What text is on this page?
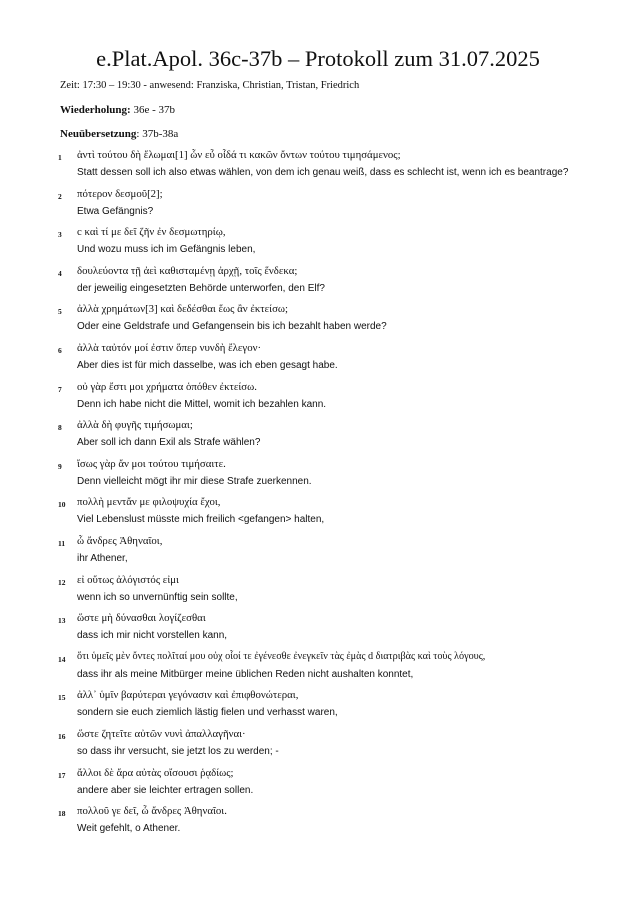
e.Plat.Apol. 36c-37b – Protokoll zum 31.07.2025
Zeit: 17:30 – 19:30 - anwesend: Franziska, Christian, Tristan, Friedrich
Wiederholung: 36e - 37b
Neuübersetzung: 37b-38a
1 ἀντὶ τούτου δὴ ἕλωμαι[1] ὧν εὖ οἶδά τι κακῶν ὄντων τούτου τιμησάμενος;
Statt dessen soll ich also etwas wählen, von dem ich genau weiß, dass es schlecht ist, wenn ich es beantrage?
2 πότερον δεσμοῦ[2];
Etwa Gefängnis?
3 c καὶ τί με δεῖ ζῆν ἐν δεσμωτηρίῳ,
Und wozu muss ich im Gefängnis leben,
4 δουλεύοντα τῇ ἀεὶ καθισταμένῃ ἀρχῇ, τοῖς ἕνδεκα;
der jeweilig eingesetzten Behörde unterworfen, den Elf?
5 ἀλλὰ χρημάτων[3] καὶ δεδέσθαι ἕως ἂν ἐκτείσω;
Oder eine Geldstrafe und Gefangensein bis ich bezahlt haben werde?
6 ἀλλὰ ταὐτόν μοί ἐστιν ὅπερ νυνδὴ ἔλεγον·
Aber dies ist für mich dasselbe, was ich eben gesagt habe.
7 οὐ γὰρ ἔστι μοι χρήματα ὁπόθεν ἐκτείσω.
Denn ich habe nicht die Mittel, womit ich bezahlen kann.
8 ἀλλὰ δὴ φυγῆς τιμήσωμαι;
Aber soll ich dann Exil als Strafe wählen?
9 ἴσως γὰρ ἄν μοι τούτου τιμήσαιτε.
Denn vielleicht mögt ihr mir diese Strafe zuerkennen.
10 πολλὴ μεντἄν με φιλοψυχία ἔχοι,
Viel Lebenslust müsste mich freilich <gefangen> halten,
11 ὦ ἄνδρες Ἀθηναῖοι,
ihr Athener,
12 εἰ οὕτως ἀλόγιστός εἰμι
wenn ich so unvernünftig sein sollte,
13 ὥστε μὴ δύνασθαι λογίζεσθαι
dass ich mir nicht vorstellen kann,
14 ὅτι ὑμεῖς μὲν ὄντες πολῖταί μου οὐχ οἷοί τε ἐγένεσθε ἐνεγκεῖν τὰς ἐμὰς d διατριβὰς καὶ τοὺς λόγους,
dass ihr als meine Mitbürger meine üblichen Reden nicht aushalten konntet,
15 ἀλλ᾽ ὑμῖν βαρύτεραι γεγόνασιν καὶ ἐπιφθονώτεραι,
sondern sie euch ziemlich lästig fielen und verhasst waren,
16 ὥστε ζητεῖτε αὐτῶν νυνὶ ἀπαλλαγῆναι·
so dass ihr versucht, sie jetzt los zu werden; -
17 ἄλλοι δὲ ἄρα αὐτὰς οἴσουσι ῥᾳδίως;
andere aber sie leichter ertragen sollen.
18 πολλοῦ γε δεῖ, ὦ ἄνδρες Ἀθηναῖοι.
Weit gefehlt, o Athener.
